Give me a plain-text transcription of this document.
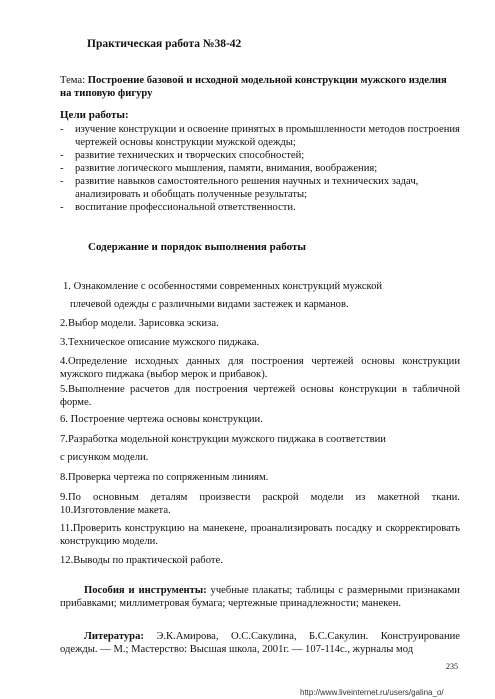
Практическая работа №38-42
Тема: Построение базовой и исходной модельной конструкции мужского изделия на типовую фигуру
Цели работы:
- изучение конструкции и освоение принятых в промышленности методов построения чертежей основы конструкции мужской одежды;
- развитие технических и творческих способностей;
- развитие логического мышления, памяти, внимания, воображения;
- развитие навыков самостоятельного решения научных и технических задач, анализировать и обобщать полученные результаты;
- воспитание профессиональной ответственности.
Содержание и порядок выполнения работы
1. Ознакомление с особенностями современных конструкций мужской
плечевой одежды с различными видами застежек и карманов.
2.Выбор модели. Зарисовка эскиза.
3.Техническое описание мужского пиджака.
4.Определение исходных данных для построения чертежей основы конструкции мужского пиджака (выбор мерок и прибавок).
5.Выполнение расчетов для построения чертежей основы конструкции в табличной форме.
6. Построение чертежа основы конструкции.
7.Разработка модельной конструкции мужского пиджака в соответствии
с рисунком модели.
8.Проверка чертежа по сопряженным линиям.
9.По основным деталям произвести раскрой модели из макетной ткани.
10.Изготовление макета.
11.Проверить конструкцию на манекене, проанализировать посадку и скорректировать конструкцию модели.
12.Выводы по практической работе.
Пособия и инструменты: учебные плакаты; таблицы с размерными признаками прибавками; миллиметровая бумага; чертежные принадлежности; манекен.
Литература: Э.К.Амирова, О.С.Сакулина, Б.С.Сакулин. Конструирование одежды. — М.; Мастерство: Высшая школа, 2001г. — 107-114с., журналы мод
235
http://www.liveinternet.ru/users/galina_o/
